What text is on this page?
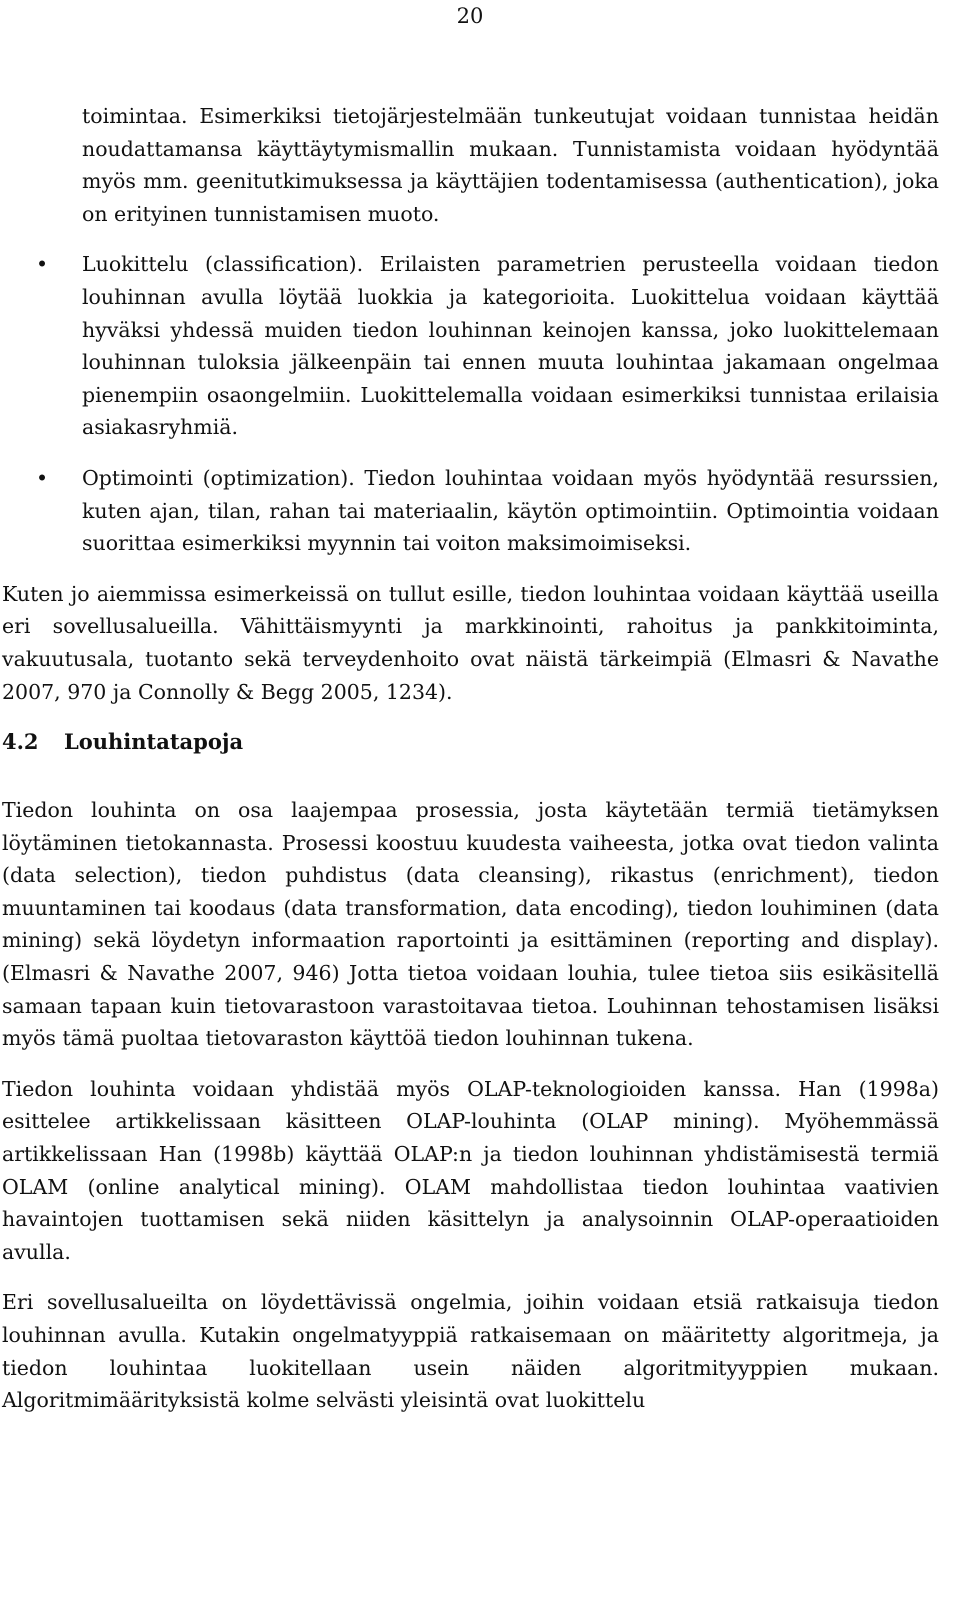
20

toimintaa. Esimerkiksi tietojärjestelmään tunkeutujat voidaan tunnistaa heidän noudattamansa käyttäytymismallin mukaan. Tunnistamista voidaan hyödyntää myös mm. geenitutkimuksessa ja käyttäjien todentamisessa (authentication), joka on erityinen tunnistamisen muoto.

• Luokittelu (classification). Erilaisten parametrien perusteella voidaan tiedon louhinnan avulla löytää luokkia ja kategorioita. Luokittelua voidaan käyttää hyväksi yhdessä muiden tiedon louhinnan keinojen kanssa, joko luokittelemaan louhinnan tuloksia jälkeenpäin tai ennen muuta louhintaa jakamaan ongelmaa pienempiin osaongelmiin. Luokittelemalla voidaan esimerkiksi tunnistaa erilaisia asiakasryhmiä.
• Optimointi (optimization). Tiedon louhintaa voidaan myös hyödyntää resurssien, kuten ajan, tilan, rahan tai materiaalin, käytön optimointiin. Optimointia voidaan suorittaa esimerkiksi myynnin tai voiton maksimoimiseksi.

Kuten jo aiemmissa esimerkeissä on tullut esille, tiedon louhintaa voidaan käyttää useilla eri sovellusalueilla. Vähittäismyynti ja markkinointi, rahoitus ja pankkitoiminta, vakuutusala, tuotanto sekä terveydenhoito ovat näistä tärkeimpiä (Elmasri & Navathe 2007, 970 ja Connolly & Begg 2005, 1234).

4.2 Louhintatapoja

Tiedon louhinta on osa laajempaa prosessia, josta käytetään termiä tietämyksen löytäminen tietokannasta. Prosessi koostuu kuudesta vaiheesta, jotka ovat tiedon valinta (data selection), tiedon puhdistus (data cleansing), rikastus (enrichment), tiedon muuntaminen tai koodaus (data transformation, data encoding), tiedon louhiminen (data mining) sekä löydetyn informaation raportointi ja esittäminen (reporting and display). (Elmasri & Navathe 2007, 946) Jotta tietoa voidaan louhia, tulee tietoa siis esikäsitellä samaan tapaan kuin tietovarastoon varastoitavaa tietoa. Louhinnan tehostamisen lisäksi myös tämä puoltaa tietovaraston käyttöä tiedon louhinnan tukena.

Tiedon louhinta voidaan yhdistää myös OLAP-teknologioiden kanssa. Han (1998a) esittelee artikkelissaan käsitteen OLAP-louhinta (OLAP mining). Myöhemmässä artikkelissaan Han (1998b) käyttää OLAP:n ja tiedon louhinnan yhdistämisestä termiä OLAM (online analytical mining). OLAM mahdollistaa tiedon louhintaa vaativien havaintojen tuottamisen sekä niiden käsittelyn ja analysoinnin OLAP-operaatioiden avulla.

Eri sovellusalueilta on löydettävissä ongelmia, joihin voidaan etsiä ratkaisuja tiedon louhinnan avulla. Kutakin ongelmatyyppiä ratkaisemaan on määritetty algoritmeja, ja tiedon louhintaa luokitellaan usein näiden algoritmityyppien mukaan. Algoritmimäärityksistä kolme selvästi yleisintä ovat luokittelu
